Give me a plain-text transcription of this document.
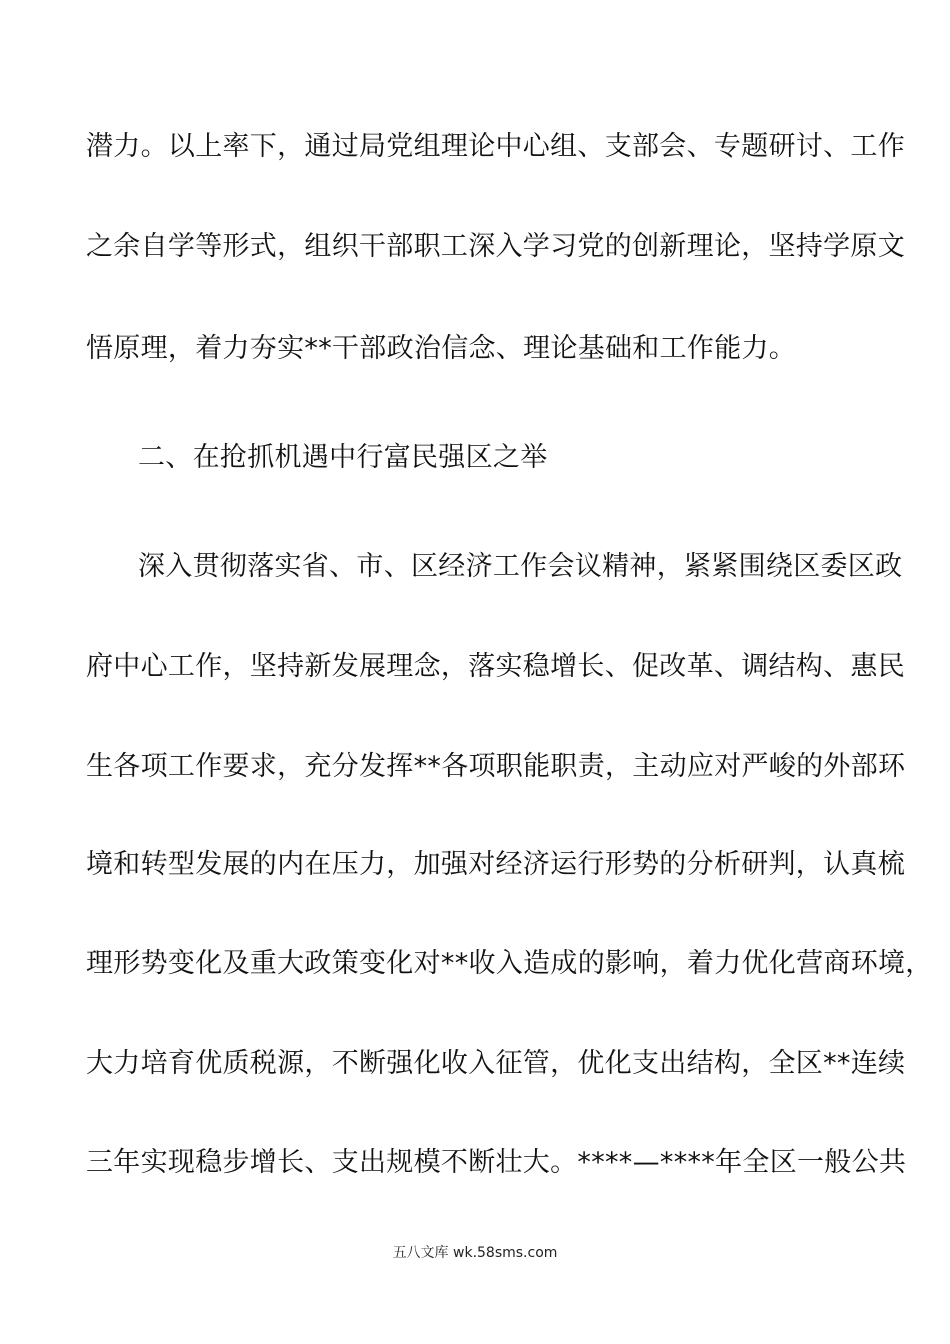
潜力。以上率下，通过局党组理论中心组、支部会、专题研讨、工作
之余自学等形式，组织干部职工深入学习党的创新理论，坚持学原文
悟原理，着力夯实**干部政治信念、理论基础和工作能力。
二、在抢抓机遇中行富民强区之举
深入贯彻落实省、市、区经济工作会议精神，紧紧围绕区委区政
府中心工作，坚持新发展理念，落实稳增长、促改革、调结构、惠民
生各项工作要求，充分发挥**各项职能职责，主动应对严峻的外部环
境和转型发展的内在压力，加强对经济运行形势的分析研判，认真梳
理形势变化及重大政策变化对**收入造成的影响，着力优化营商环境，
大力培育优质税源，不断强化收入征管，优化支出结构，全区**连续
三年实现稳步增长、支出规模不断壮大。****—****年全区一般公共
五八文库 wk.58sms.com
